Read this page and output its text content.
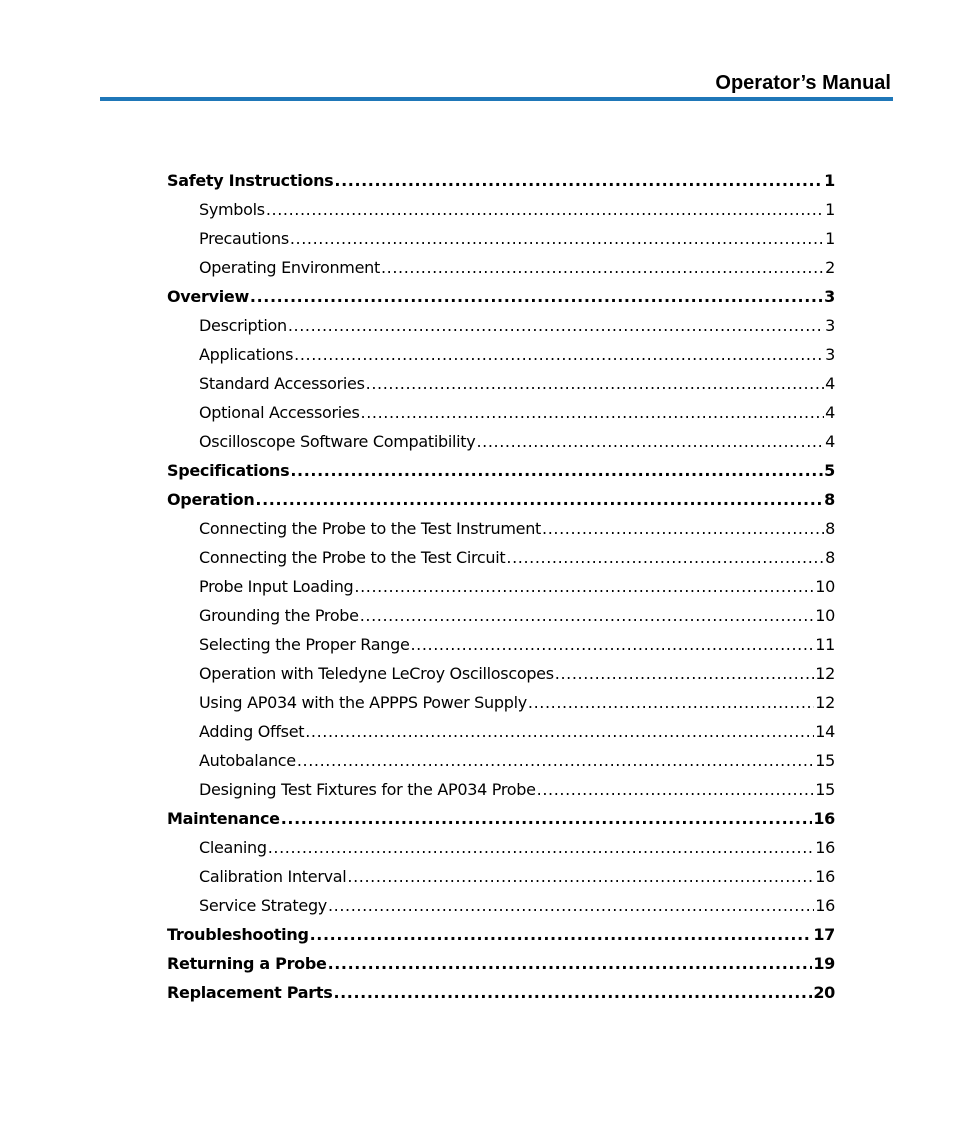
Operator’s Manual
Safety Instructions .....	1
Symbols .....	1
Precautions .....	1
Operating Environment .....	2
Overview .....	3
Description .....	3
Applications .....	3
Standard Accessories .....	4
Optional Accessories .....	4
Oscilloscope Software Compatibility .....	4
Specifications .....	5
Operation .....	8
Connecting the Probe to the Test Instrument .....	8
Connecting the Probe to the Test Circuit .....	8
Probe Input Loading .....	10
Grounding the Probe .....	10
Selecting the Proper Range .....	11
Operation with Teledyne LeCroy Oscilloscopes .....	12
Using AP034 with the APPPS Power Supply .....	12
Adding Offset .....	14
Autobalance .....	15
Designing Test Fixtures for the AP034 Probe .....	15
Maintenance .....	16
Cleaning .....	16
Calibration Interval .....	16
Service Strategy .....	16
Troubleshooting .....	17
Returning a Probe .....	19
Replacement Parts .....	20
